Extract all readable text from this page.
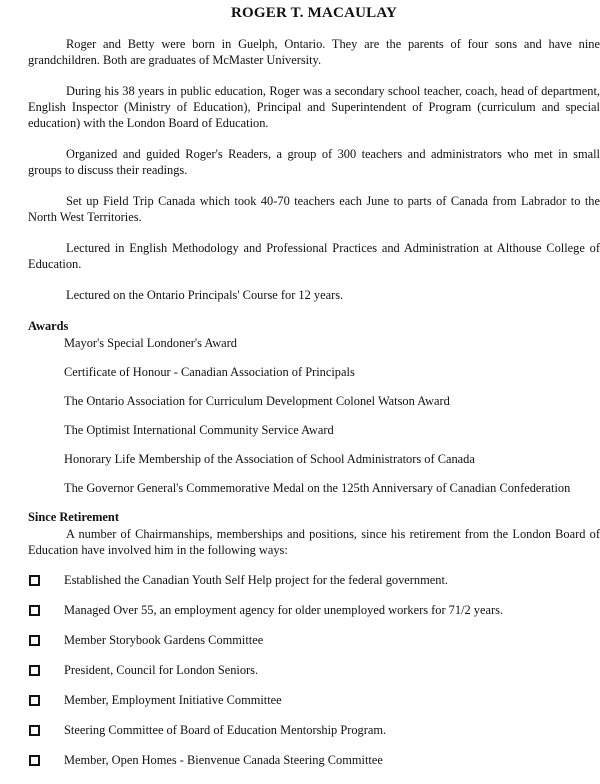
ROGER T. MACAULAY

Roger and Betty were born in Guelph, Ontario. They are the parents of four sons and have nine grandchildren. Both are graduates of McMaster University.

During his 38 years in public education, Roger was a secondary school teacher, coach, head of department, English Inspector (Ministry of Education), Principal and Superintendent of Program (curriculum and special education) with the London Board of Education.

Organized and guided Roger's Readers, a group of 300 teachers and administrators who met in small groups to discuss their readings.

Set up Field Trip Canada which took 40-70 teachers each June to parts of Canada from Labrador to the North West Territories.

Lectured in English Methodology and Professional Practices and Administration at Althouse College of Education.

Lectured on the Ontario Principals' Course for 12 years.

Awards
Mayor's Special Londoner's Award
Certificate of Honour - Canadian Association of Principals
The Ontario Association for Curriculum Development Colonel Watson Award
The Optimist International Community Service Award
Honorary Life Membership of the Association of School Administrators of Canada
The Governor General's Commemorative Medal on the 125th Anniversary of Canadian Confederation
Since Retirement

A number of Chairmanships, memberships and positions, since his retirement from the London Board of Education have involved him in the following ways:

Established the Canadian Youth Self Help project for the federal government.
Managed Over 55, an employment agency for older unemployed workers for 71/2 years.
Member Storybook Gardens Committee
President, Council for London Seniors.
Member, Employment Initiative Committee
Steering Committee of Board of Education Mentorship Program.
Member, Open Homes - Bienvenue Canada Steering Committee
